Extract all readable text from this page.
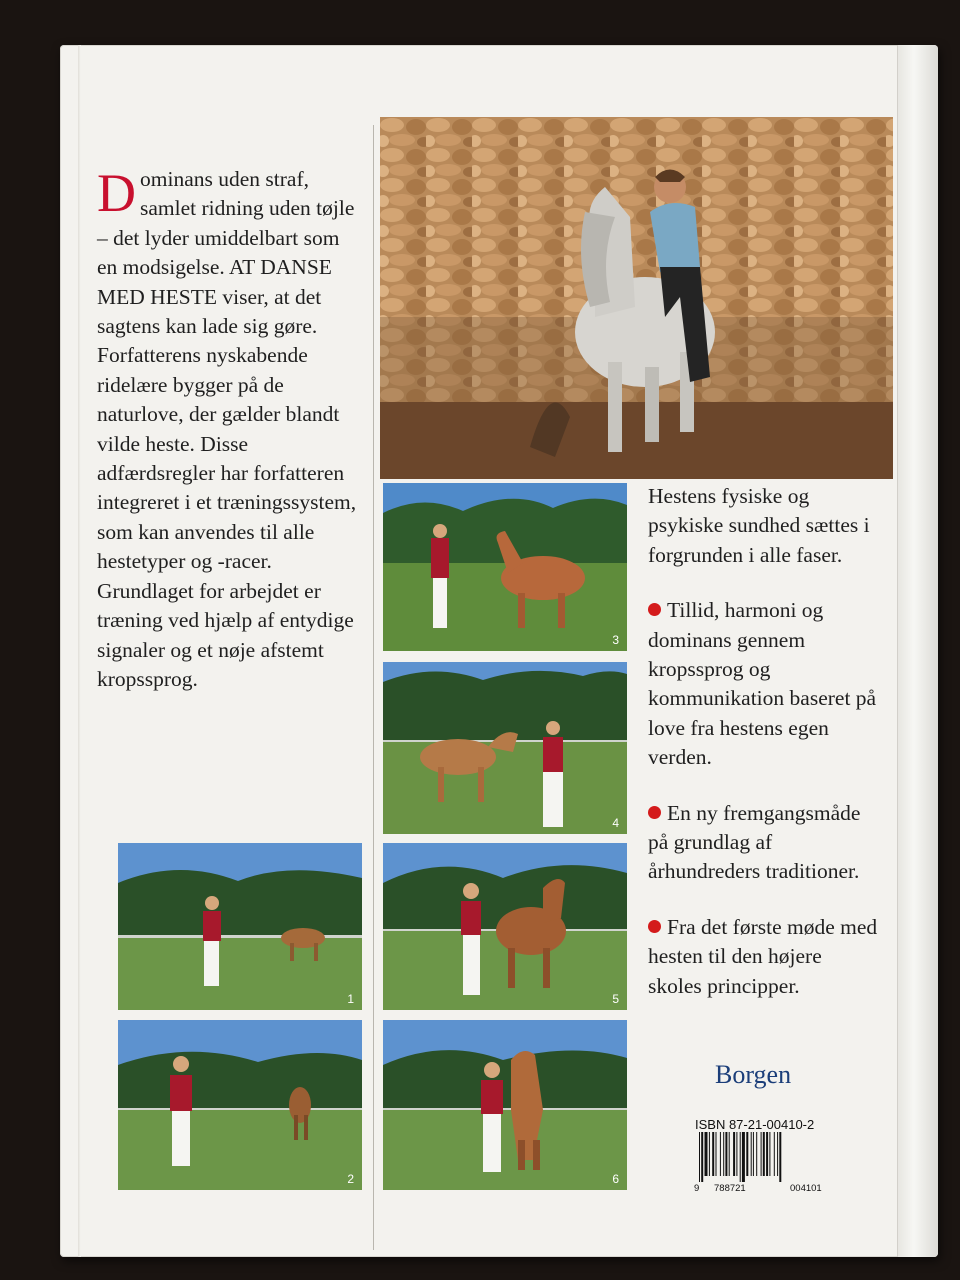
Dominans uden straf, samlet ridning uden tøjle – det lyder umiddelbart som en modsigelse. AT DANSE MED HESTE viser, at det sagtens kan lade sig gøre.

Forfatterens nyskabende ridelære bygger på de naturlove, der gælder blandt vilde heste. Disse adfærdsregler har forfatteren integreret i et træningssystem, som kan anvendes til alle hestetyper og -racer. Grundlaget for arbejdet er træning ved hjælp af entydige signaler og et nøje afstemt kropssprog.

3
4
1	5
2	6

Hestens fysiske og psykiske sundhed sættes i forgrunden i alle faser.

Tillid, harmoni og dominans gennem kropssprog og kommunikation baseret på love fra hestens egen verden.

En ny fremgangsmåde på grundlag af århundreders traditioner.

Fra det første møde med hesten til den højere skoles principper.

Borgen
ISBN 87-21-00410-2
9 788721	004101
